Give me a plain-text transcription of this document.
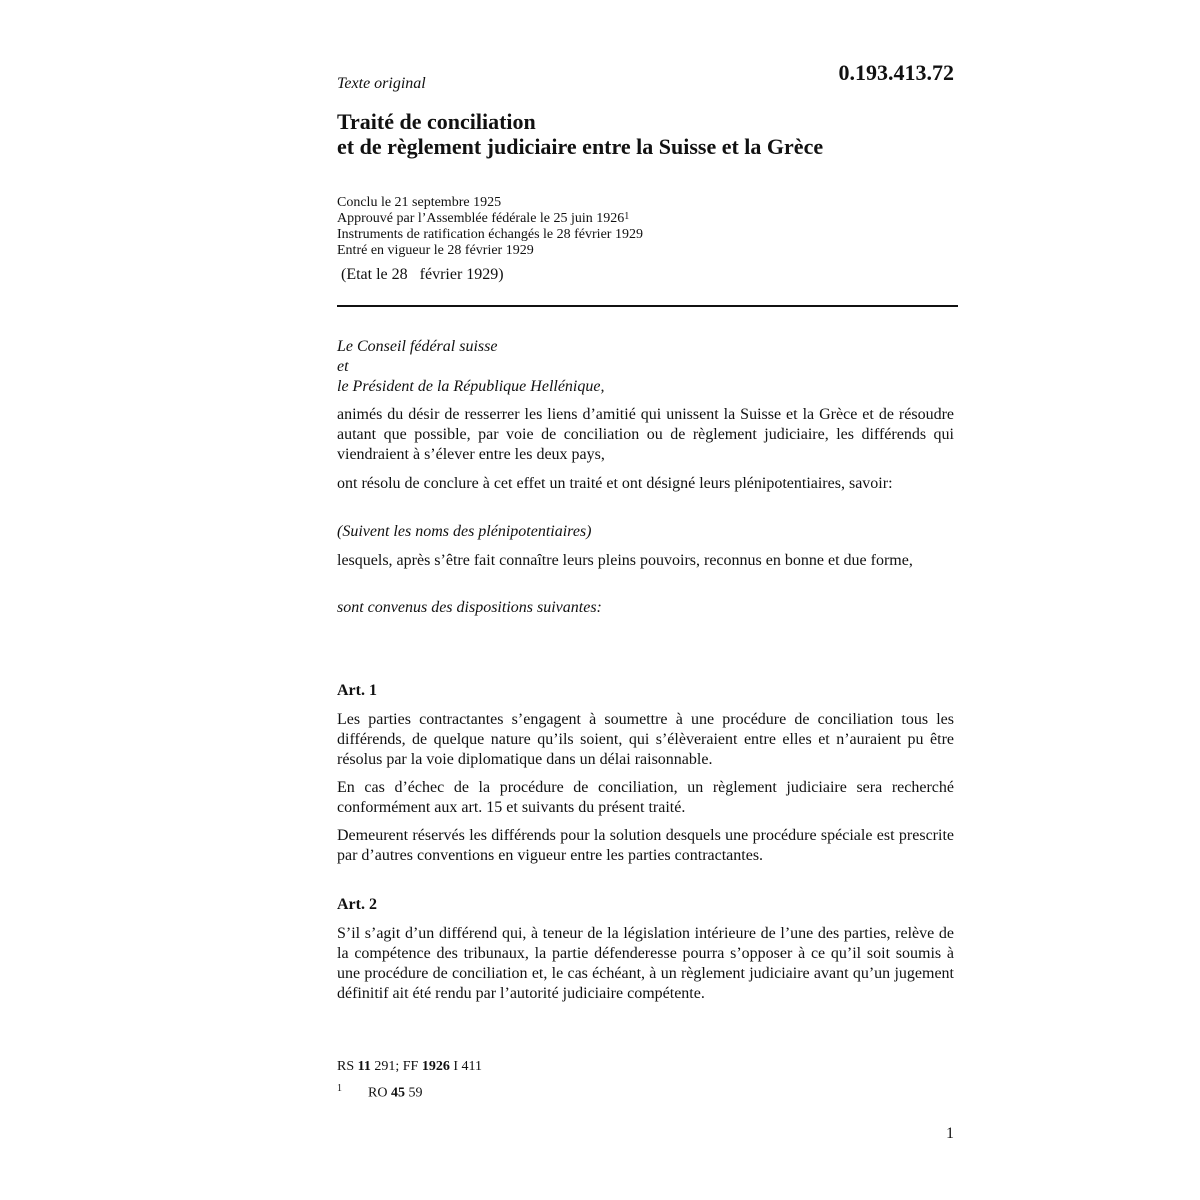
0.193.413.72
Texte original
Traité de conciliation
et de règlement judiciaire entre la Suisse et la Grèce
Conclu le 21 septembre 1925
Approuvé par l’Assemblée fédérale le 25 juin 1926$^1$
Instruments de ratification échangés le 28 février 1929
Entré en vigueur le 28 février 1929
(Etat le 28   février 1929)
Le Conseil fédéral suisse
et
le Président de la République Hellénique,
animés du désir de resserrer les liens d’amitié qui unissent la Suisse et la Grèce et de résoudre autant que possible, par voie de conciliation ou de règlement judiciaire, les différends qui viendraient à s’élever entre les deux pays,
ont résolu de conclure à cet effet un traité et ont désigné leurs plénipotentiaires, savoir:
(Suivent les noms des plénipotentiaires)
lesquels, après s’être fait connaître leurs pleins pouvoirs, reconnus en bonne et due forme,
sont convenus des dispositions suivantes:
Art. 1
Les parties contractantes s’engagent à soumettre à une procédure de conciliation tous les différends, de quelque nature qu’ils soient, qui s’élèveraient entre elles et n’auraient pu être résolus par la voie diplomatique dans un délai raisonnable.
En cas d’échec de la procédure de conciliation, un règlement judiciaire sera recherché conformément aux art. 15 et suivants du présent traité.
Demeurent réservés les différends pour la solution desquels une procédure spéciale est prescrite par d’autres conventions en vigueur entre les parties contractantes.
Art. 2
S’il s’agit d’un différend qui, à teneur de la législation intérieure de l’une des parties, relève de la compétence des tribunaux, la partie défenderesse pourra s’opposer à ce qu’il soit soumis à une procédure de conciliation et, le cas échéant, à un règlement judiciaire avant qu’un jugement définitif ait été rendu par l’autorité judiciaire compétente.
RS 11 291; FF 1926 I 411
$^1$ RO 45 59
1
